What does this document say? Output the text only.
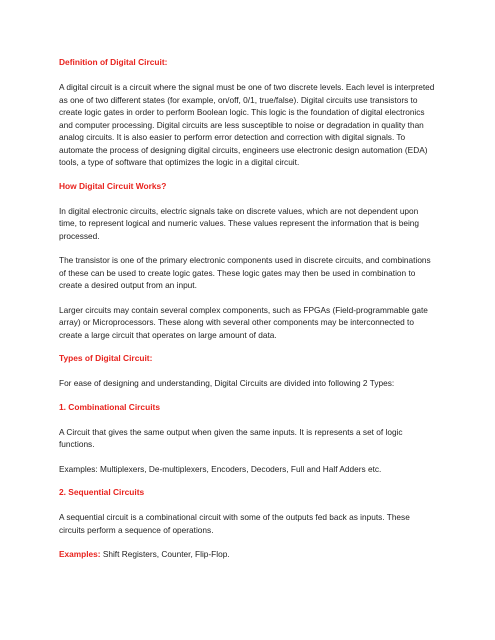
Definition of Digital Circuit:

A digital circuit is a circuit where the signal must be one of two discrete levels. Each level is interpreted as one of two different states (for example, on/off, 0/1, true/false). Digital circuits use transistors to create logic gates in order to perform Boolean logic. This logic is the foundation of digital electronics and computer processing. Digital circuits are less susceptible to noise or degradation in quality than analog circuits. It is also easier to perform error detection and correction with digital signals. To automate the process of designing digital circuits, engineers use electronic design automation (EDA) tools, a type of software that optimizes the logic in a digital circuit.

How Digital Circuit Works?

In digital electronic circuits, electric signals take on discrete values, which are not dependent upon time, to represent logical and numeric values. These values represent the information that is being processed.

The transistor is one of the primary electronic components used in discrete circuits, and combinations of these can be used to create logic gates. These logic gates may then be used in combination to create a desired output from an input.

Larger circuits may contain several complex components, such as FPGAs (Field-programmable gate array) or Microprocessors. These along with several other components may be interconnected to create a large circuit that operates on large amount of data.

Types of Digital Circuit:

For ease of designing and understanding, Digital Circuits are divided into following 2 Types:

1. Combinational Circuits

A Circuit that gives the same output when given the same inputs. It is represents a set of logic functions.

Examples: Multiplexers, De-multiplexers, Encoders, Decoders, Full and Half Adders etc.

2. Sequential Circuits

A sequential circuit is a combinational circuit with some of the outputs fed back as inputs. These circuits perform a sequence of operations.

Examples: Shift Registers, Counter, Flip-Flop.
